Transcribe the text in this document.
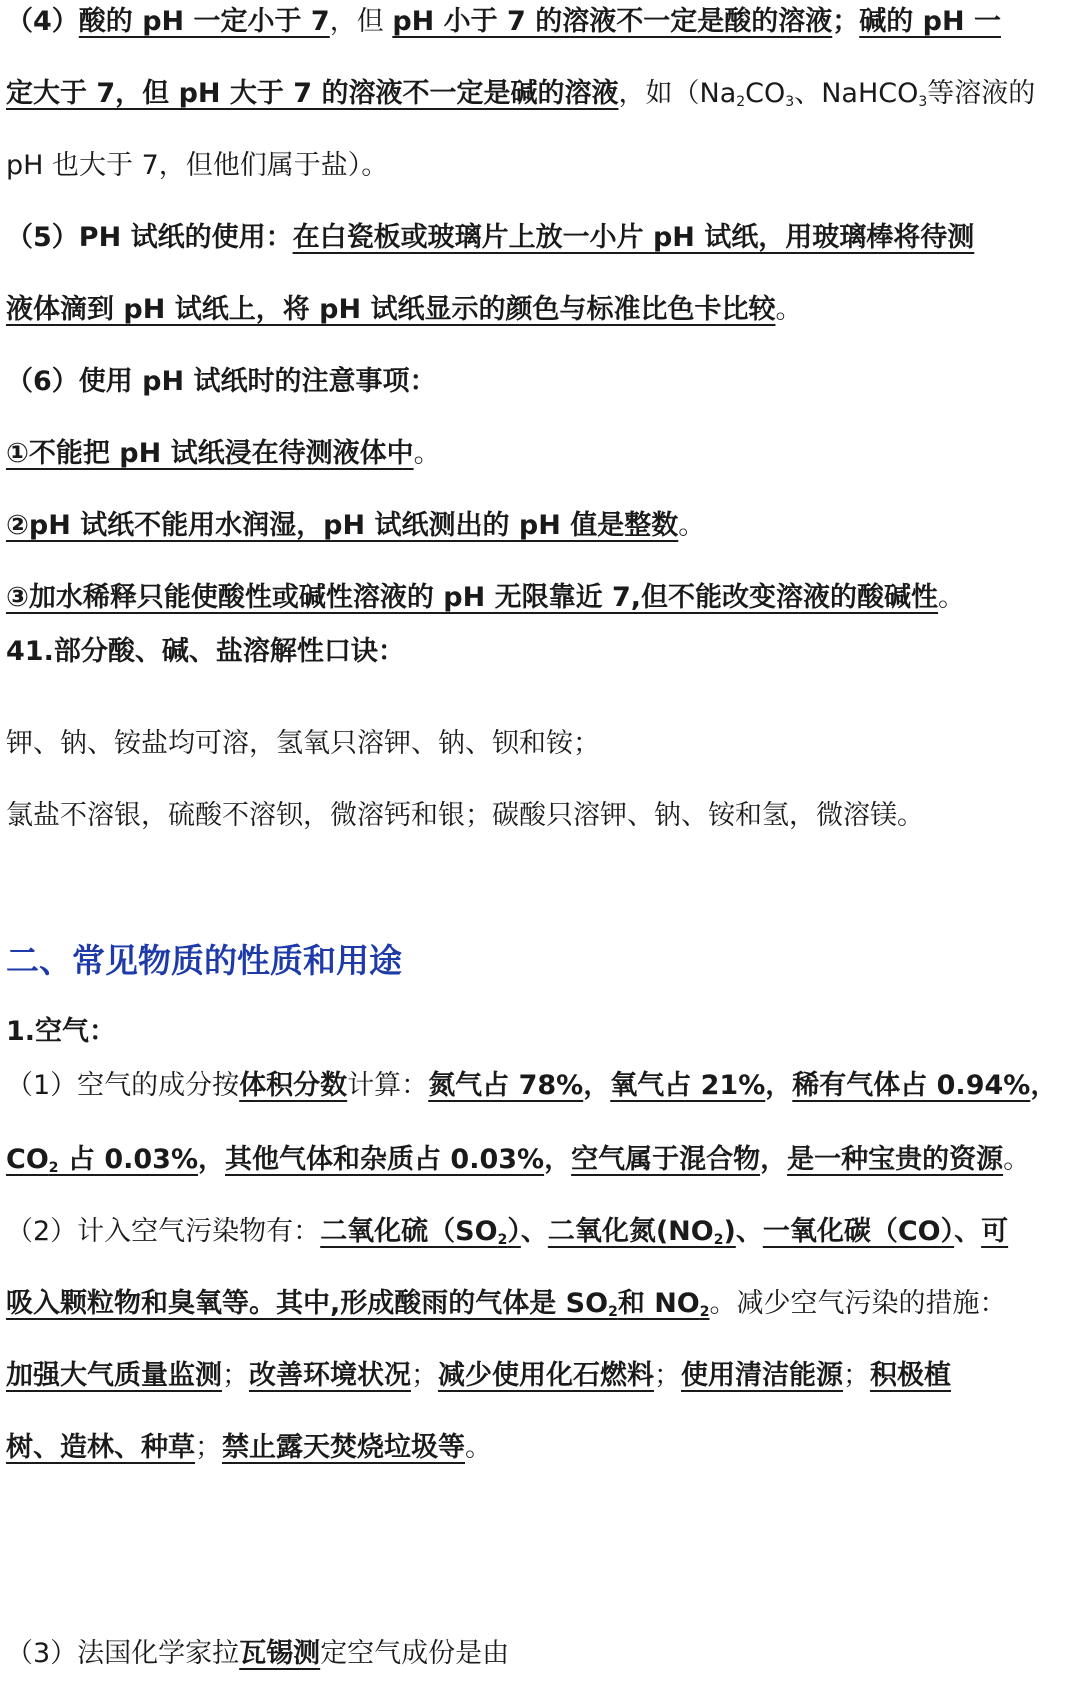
（4）酸的 pH 一定小于 7，但 pH 小于 7 的溶液不一定是酸的溶液；碱的 pH 一

定大于 7，但 pH 大于 7 的溶液不一定是碱的溶液，如（$Na_2CO_3$、NaHCO$_3$等溶液的

pH 也大于 7，但他们属于盐）。

（5）PH 试纸的使用：在白瓷板或玻璃片上放一小片 pH 试纸，用玻璃棒将待测

液体滴到 pH 试纸上，将 pH 试纸显示的颜色与标准比色卡比较。

（6）使用 pH 试纸时的注意事项：

①不能把 pH 试纸浸在待测液体中。

②pH 试纸不能用水润湿，pH 试纸测出的 pH 值是整数。

③加水稀释只能使酸性或碱性溶液的 pH 无限靠近 7,但不能改变溶液的酸碱性。

41.部分酸、碱、盐溶解性口诀：

钾、钠、铵盐均可溶，氢氧只溶钾、钠、钡和铵；

氯盐不溶银，硫酸不溶钡，微溶钙和银；碳酸只溶钾、钠、铵和氢，微溶镁。

二、常见物质的性质和用途

1.空气：

（1）空气的成分按体积分数计算：氮气占 78%，氧气占 21%，稀有气体占 0.94%，

$CO_2$ 占 0.03%，其他气体和杂质占 0.03%，空气属于混合物，是一种宝贵的资源。

（2）计入空气污染物有：二氧化硫$(SO_2)$、二氧化氮$(NO_2)$、一氧化碳（CO）、可

吸入颗粒物和臭氧等。其中,形成酸雨的气体是 $SO_2$和 $NO_2$。减少空气污染的措施：

加强大气质量监测；改善环境状况；减少使用化石燃料；使用清洁能源；积极植

树、造林、种草；禁止露天焚烧垃圾等。

（3）法国化学家拉瓦锡测定空气成份是由
